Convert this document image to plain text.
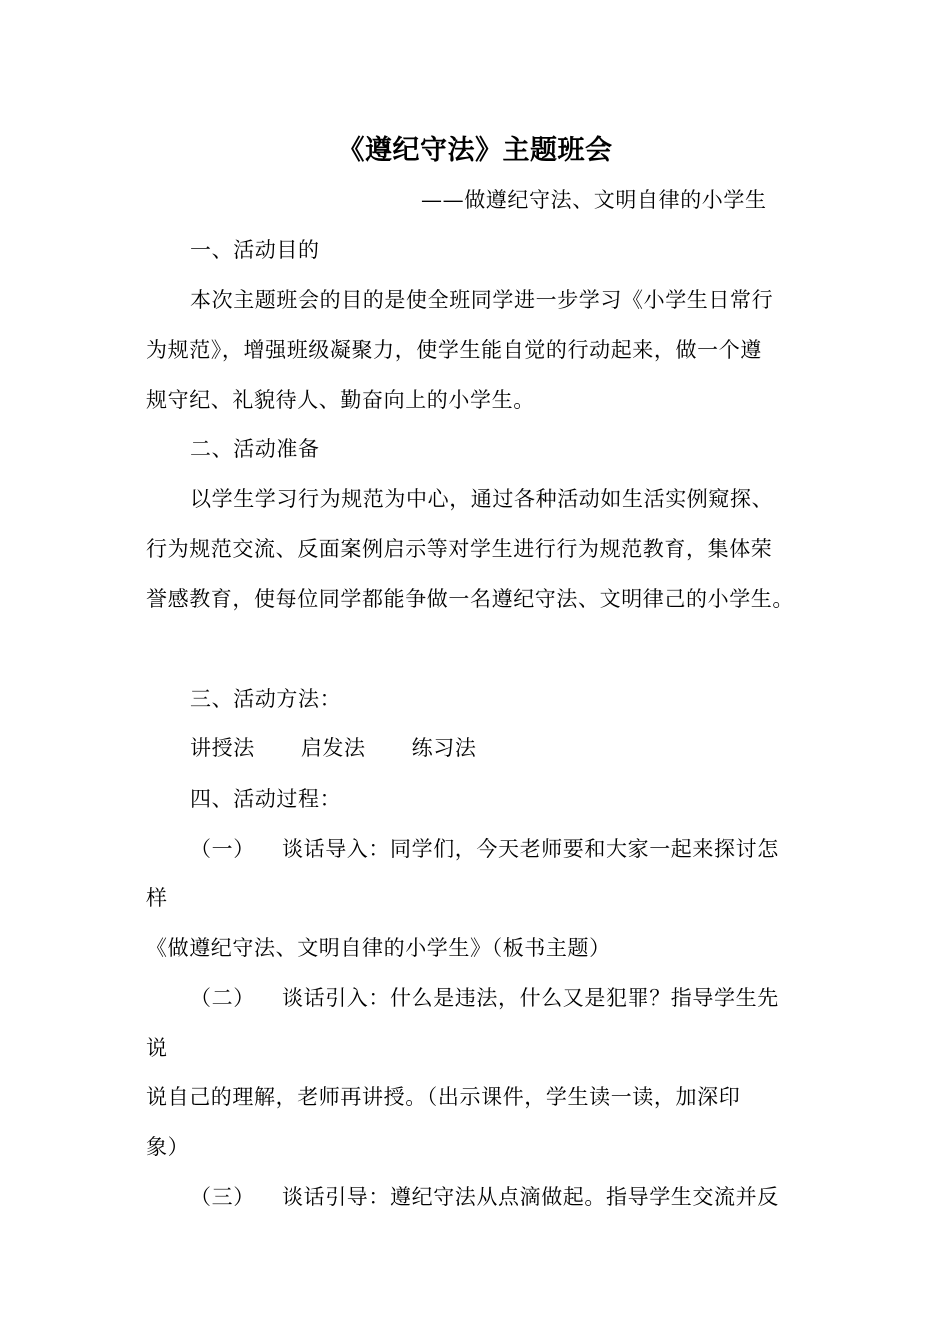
《遵纪守法》主题班会
——做遵纪守法、文明自律的小学生
一、活动目的
本次主题班会的目的是使全班同学进一步学习《小学生日常行
为规范》，增强班级凝聚力，使学生能自觉的行动起来，做一个遵
规守纪、礼貌待人、勤奋向上的小学生。
二、活动准备
以学生学习行为规范为中心，通过各种活动如生活实例窥探、
行为规范交流、反面案例启示等对学生进行行为规范教育，集体荣
誉感教育，使每位同学都能争做一名遵纪守法、文明律己的小学生。
三、活动方法：
讲授法 启发法 练习法
四、活动过程：
（一） 谈话导入：同学们，今天老师要和大家一起来探讨怎
样
《做遵纪守法、文明自律的小学生》（板书主题）
（二） 谈话引入：什么是违法，什么又是犯罪？指导学生先
说
说自己的理解，老师再讲授。（出示课件，学生读一读，加深印
象）
（三） 谈话引导：遵纪守法从点滴做起。指导学生交流并反
